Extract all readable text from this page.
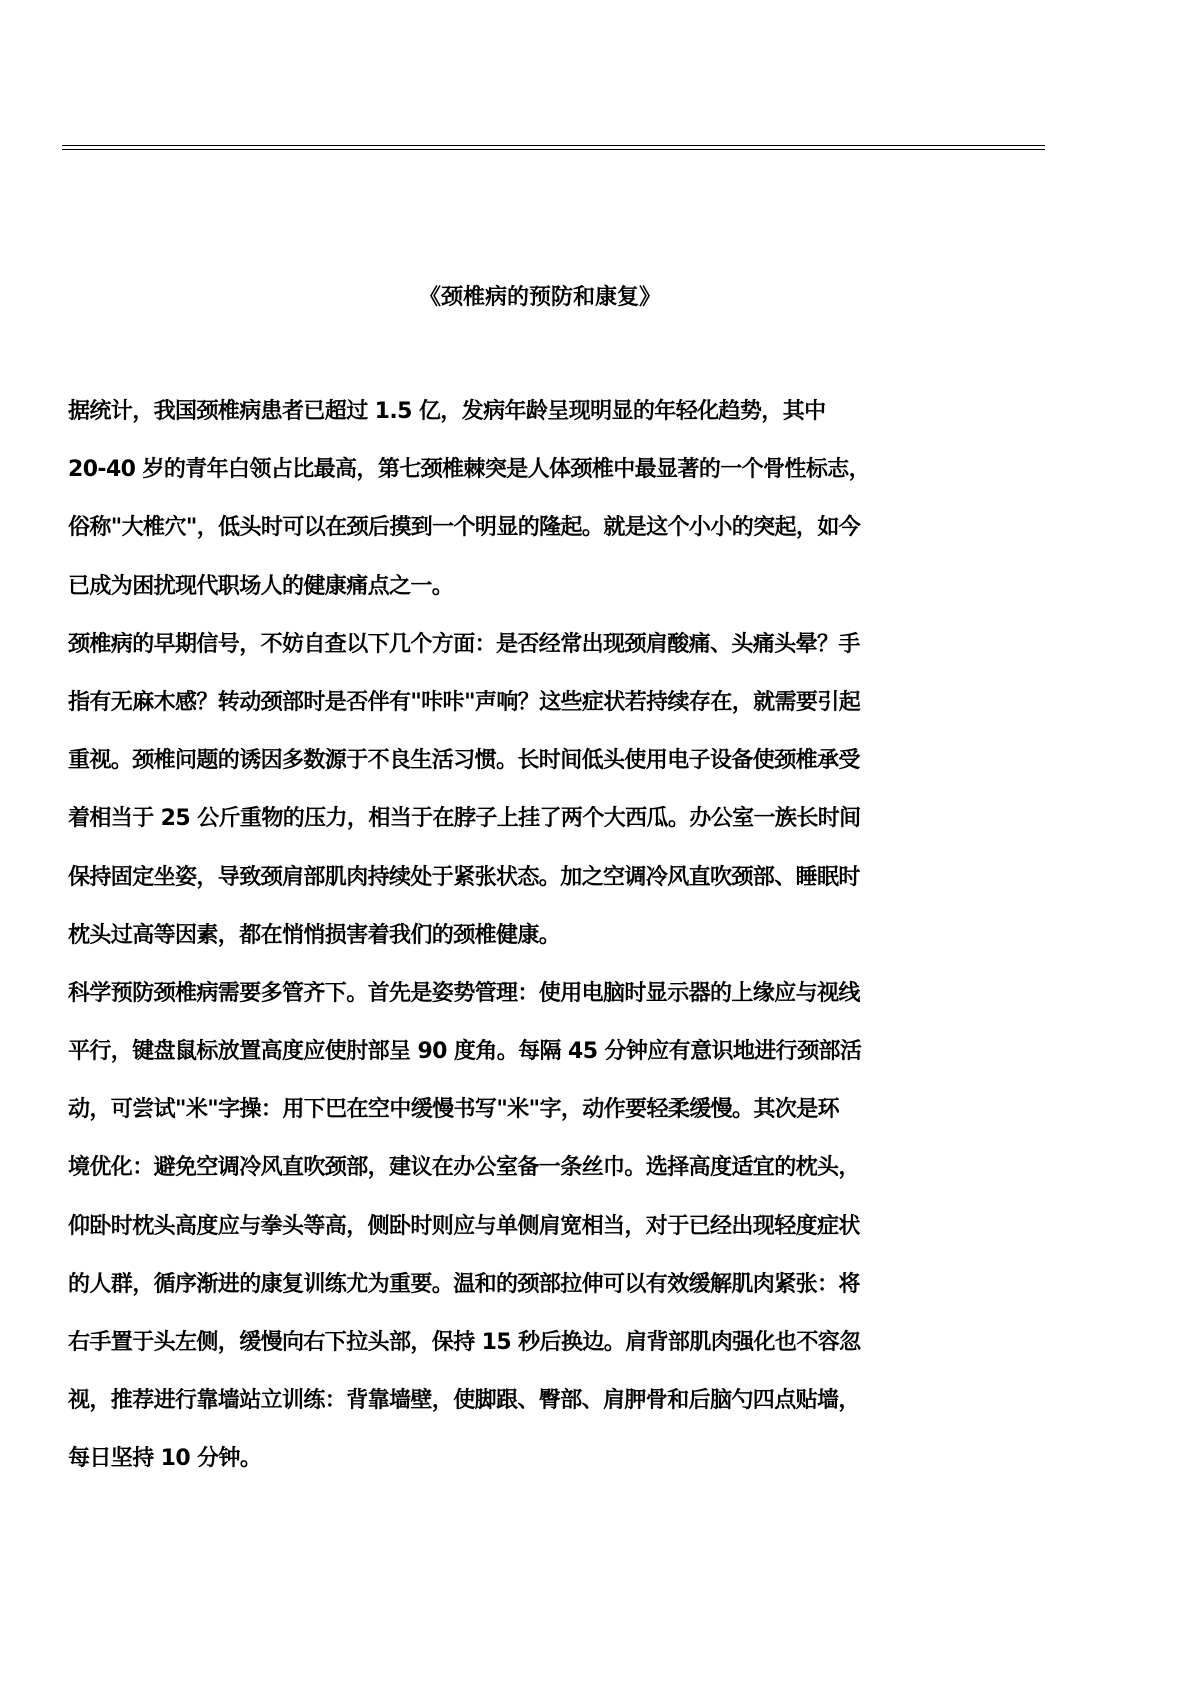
《颈椎病的预防和康复》
据统计，我国颈椎病患者已超过 1.5 亿，发病年龄呈现明显的年轻化趋势，其中
20-40 岁的青年白领占比最高，第七颈椎棘突是人体颈椎中最显著的一个骨性标志，
俗称"大椎穴"，低头时可以在颈后摸到一个明显的隆起。就是这个小小的突起，如今
已成为困扰现代职场人的健康痛点之一。
颈椎病的早期信号，不妨自查以下几个方面：是否经常出现颈肩酸痛、头痛头晕？手
指有无麻木感？转动颈部时是否伴有"咔咔"声响？这些症状若持续存在，就需要引起
重视。颈椎问题的诱因多数源于不良生活习惯。长时间低头使用电子设备使颈椎承受
着相当于 25 公斤重物的压力，相当于在脖子上挂了两个大西瓜。办公室一族长时间
保持固定坐姿，导致颈肩部肌肉持续处于紧张状态。加之空调冷风直吹颈部、睡眠时
枕头过高等因素，都在悄悄损害着我们的颈椎健康。
科学预防颈椎病需要多管齐下。首先是姿势管理：使用电脑时显示器的上缘应与视线
平行，键盘鼠标放置高度应使肘部呈 90 度角。每隔 45 分钟应有意识地进行颈部活
动，可尝试"米"字操：用下巴在空中缓慢书写"米"字，动作要轻柔缓慢。其次是环
境优化：避免空调冷风直吹颈部，建议在办公室备一条丝巾。选择高度适宜的枕头，
仰卧时枕头高度应与拳头等高，侧卧时则应与单侧肩宽相当，对于已经出现轻度症状
的人群，循序渐进的康复训练尤为重要。温和的颈部拉伸可以有效缓解肌肉紧张：将
右手置于头左侧，缓慢向右下拉头部，保持 15 秒后换边。肩背部肌肉强化也不容忽
视，推荐进行靠墙站立训练：背靠墙壁，使脚跟、臀部、肩胛骨和后脑勺四点贴墙，
每日坚持 10 分钟。
